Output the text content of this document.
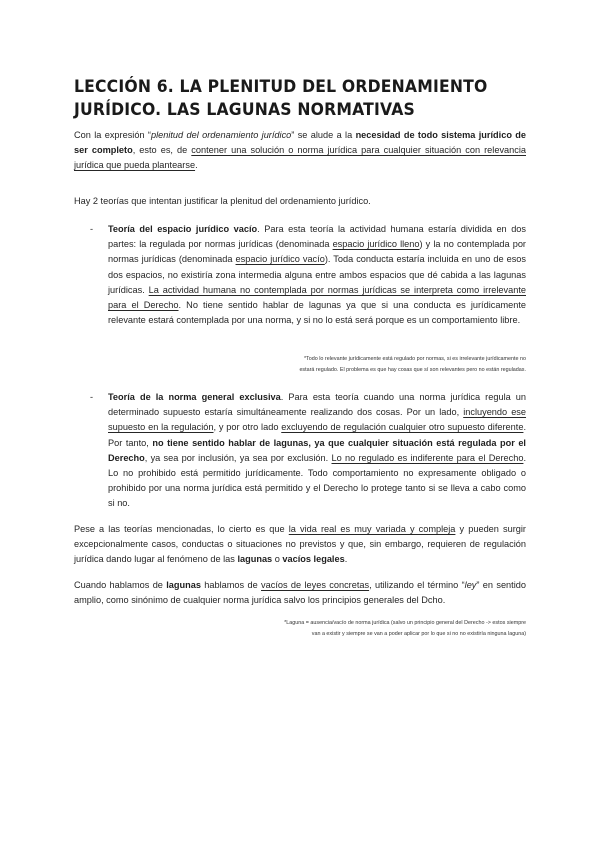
LECCIÓN 6. LA PLENITUD DEL ORDENAMIENTO JURÍDICO. LAS LAGUNAS NORMATIVAS
Con la expresión “plenitud del ordenamiento jurídico” se alude a la necesidad de todo sistema jurídico de ser completo, esto es, de contener una solución o norma jurídica para cualquier situación con relevancia jurídica que pueda plantearse.
Hay 2 teorías que intentan justificar la plenitud del ordenamiento jurídico.
- Teoría del espacio jurídico vacío. Para esta teoría la actividad humana estaría dividida en dos partes: la regulada por normas jurídicas (denominada espacio jurídico lleno) y la no contemplada por normas jurídicas (denominada espacio jurídico vacío). Toda conducta estaría incluida en uno de esos dos espacios, no existiría zona intermedia alguna entre ambos espacios que dé cabida a las lagunas jurídicas. La actividad humana no contemplada por normas jurídicas se interpreta como irrelevante para el Derecho. No tiene sentido hablar de lagunas ya que si una conducta es jurídicamente relevante estará contemplada por una norma, y si no lo está será porque es un comportamiento libre.
*Todo lo relevante jurídicamente está regulado por normas, si es irrelevante jurídicamente no
estará regulado. El problema es que hay cosas que sí son relevantes pero no están reguladas.
- Teoría de la norma general exclusiva. Para esta teoría cuando una norma jurídica regula un determinado supuesto estaría simultáneamente realizando dos cosas. Por un lado, incluyendo ese supuesto en la regulación, y por otro lado excluyendo de regulación cualquier otro supuesto diferente. Por tanto, no tiene sentido hablar de lagunas, ya que cualquier situación está regulada por el Derecho, ya sea por inclusión, ya sea por exclusión. Lo no regulado es indiferente para el Derecho. Lo no prohibido está permitido jurídicamente. Todo comportamiento no expresamente obligado o prohibido por una norma jurídica está permitido y el Derecho lo protege tanto si se lleva a cabo como si no.
Pese a las teorías mencionadas, lo cierto es que la vida real es muy variada y compleja y pueden surgir excepcionalmente casos, conductas o situaciones no previstos y que, sin embargo, requieren de regulación jurídica dando lugar al fenómeno de las lagunas o vacíos legales.
Cuando hablamos de lagunas hablamos de vacíos de leyes concretas, utilizando el término “ley” en sentido amplio, como sinónimo de cualquier norma jurídica salvo los principios generales del Dcho.
*Laguna = ausencia/vacío de norma jurídica (salvo un principio general del Derecho -> estos siempre
van a existir y siempre se van a poder aplicar por lo que si no no existiría ninguna laguna)
